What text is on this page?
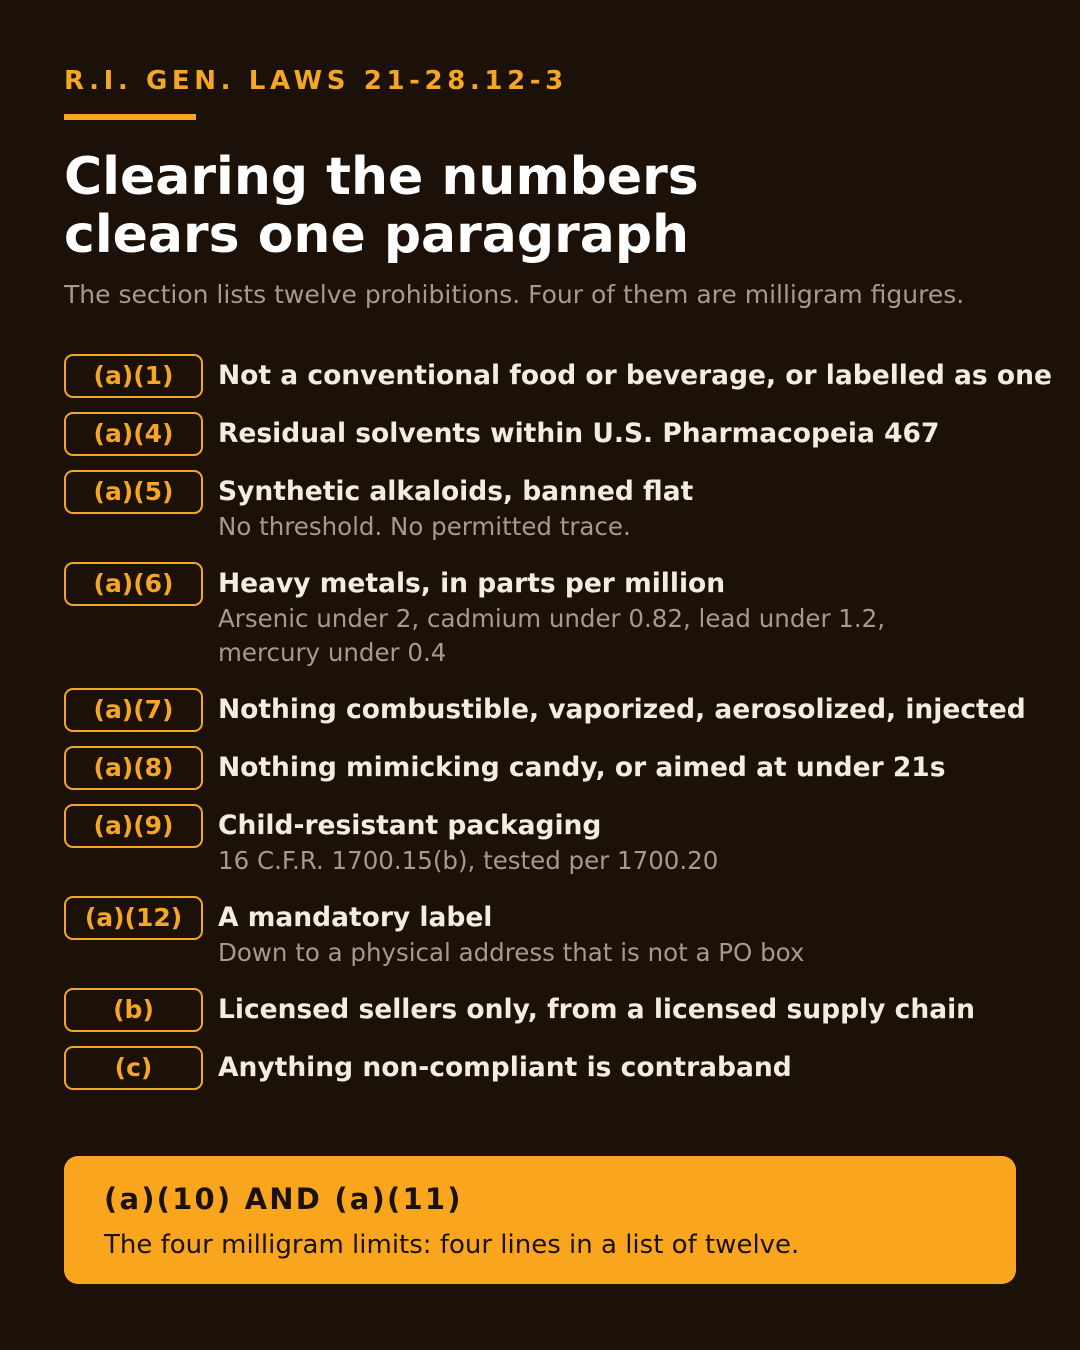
R.I. GEN. LAWS 21-28.12-3
Clearing the numbers
clears one paragraph
The section lists twelve prohibitions. Four of them are milligram figures.
(a)(1)	Not a conventional food or beverage, or labelled as one
(a)(4)	Residual solvents within U.S. Pharmacopeia 467
(a)(5)	Synthetic alkaloids, banned flat
No threshold. No permitted trace.
(a)(6)	Heavy metals, in parts per million
Arsenic under 2, cadmium under 0.82, lead under 1.2, mercury under 0.4
(a)(7)	Nothing combustible, vaporized, aerosolized, injected
(a)(8)	Nothing mimicking candy, or aimed at under 21s
(a)(9)	Child-resistant packaging
16 C.F.R. 1700.15(b), tested per 1700.20
(a)(12)	A mandatory label
Down to a physical address that is not a PO box
(b)	Licensed sellers only, from a licensed supply chain
(c)	Anything non-compliant is contraband
(a)(10) AND (a)(11)
The four milligram limits: four lines in a list of twelve.
